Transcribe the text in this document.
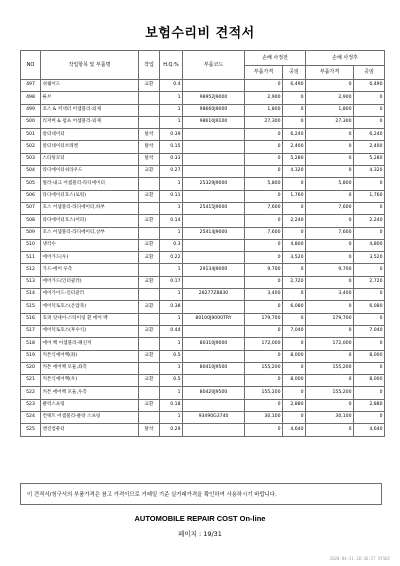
보험수리비 견적서
NO	작업항목 및 부품명	작업	H.Q.%	부품코드	손해 사정전		손해 사정후	
					부품가격	공임	부품가격	공임
497	쉬쉐이드	교환	0.4		0	6,490	0	6,490
498	튜브		1	98952J9000	2,900	0	2,900	0
499	호스 & 커넥터 어셈블리-외제		1	98660J9000	1,800	0	1,800	0
500	리저버 & 펌프 어셈블리-외제		1	98610J9100	27,300	0	27,300	0
501	알터네이터	탈착	0.39		0	6,240	0	6,240
502	알터네이터브래켓	탈착	0.15		0	2,400	0	2,400
503	스타팅모터	탈착	0.33		0	5,280	0	5,280
504	라디에이터쉬라우드	교환	0.27		0	4,320	0	4,320
505	씰러-내크 어셈블리-라디에이터		1	25329J9000	5,800	0	5,800	0
506	라디에이터호스(로워)	교환	0.11		0	1,760	0	1,760
507	호스 어셈블리-라디에이터,하부		1	25415J9000	7,600	0	7,600	0
508	라디에이터호스(어퍼)	교환	0.14		0	2,240	0	2,240
509	호스 어셈블리-라디에이터,상부		1	25414J9000	7,600	0	7,600	0
510	냉각수	교환	0.3		0	4,800	0	4,800
511	에어가드(우)	교환	0.22		0	3,520	0	3,520
512	가드-에어 우측		1	29134J9000	9,700	0	9,700	0
513	에어가드(인터쿨러)	교환	0.17		0	2,720	0	2,720
514	에어가이드-인터쿨러		1	28277Z8830	3,400	0	3,400	0
515	에어덕토호스(온압축)	교환	0.38		0	6,080	0	6,080
516	호퍼 앗세이-스타이링 환 에어 백		1	80100J9000TRY	179,700	0	179,700	0
517	에어덕토호스(후수식)	교환	0.44		0	7,040	0	7,040
518	에어 백 어셈블리-패신저		1	80310J9000	172,000	0	172,000	0
519	커튼식에어백(좌)	교환	0.5		0	8,000	0	8,000
520	커튼 에어백 모듈,좌측		1	80410J9500	155,200	0	155,200	0
521	커튼식에어백(우)	교환	0.5		0	8,000	0	8,000
522	커튼 에어백 모듈,우측		1	80420J9500	155,200	0	155,200	0
523	클럭스프링	교환	0.18		0	2,880	0	2,880
524	컨택트 어셈블리-클락 스프링		1	93490G3740	30,100	0	30,100	0
525	엔진컴퓨터	탈착	0.29		0	4,640	0	4,640
이 견적서/청구서의 부품가격은 참고 가격이므로 거래일 기준 실거래가격을 확인하여 사용하시기 바랍니다.
AUTOMOBILE REPAIR COST On-line
페이지 : 19/31
2020-04-21 20:36:57 XY102
